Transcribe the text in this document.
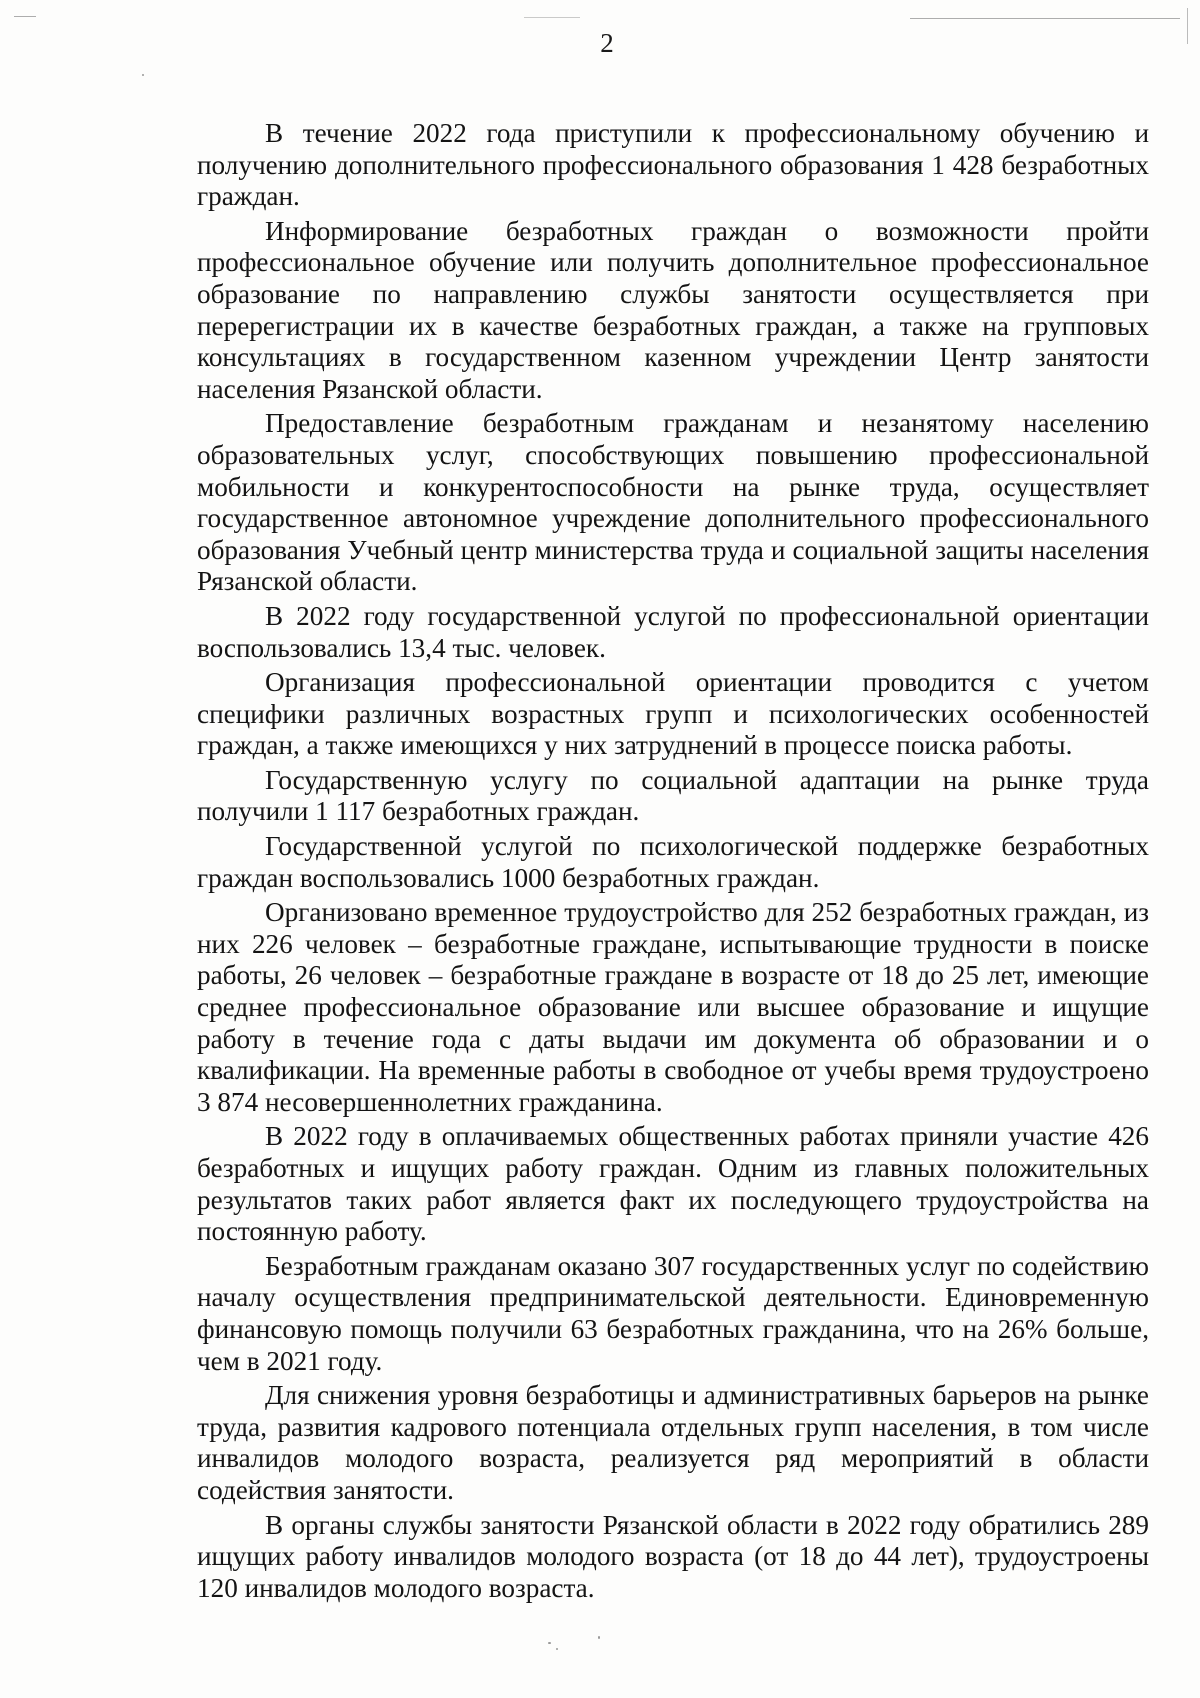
2

В течение 2022 года приступили к профессиональному обучению и получению дополнительного профессионального образования 1 428 безработных граждан.

Информирование безработных граждан о возможности пройти профессиональное обучение или получить дополнительное профессиональное образование по направлению службы занятости осуществляется при перерегистрации их в качестве безработных граждан, а также на групповых консультациях в государственном казенном учреждении Центр занятости населения Рязанской области.

Предоставление безработным гражданам и незанятому населению образовательных услуг, способствующих повышению профессиональной мобильности и конкурентоспособности на рынке труда, осуществляет государственное автономное учреждение дополнительного профессионального образования Учебный центр министерства труда и социальной защиты населения Рязанской области.

В 2022 году государственной услугой по профессиональной ориентации воспользовались 13,4 тыс. человек.

Организация профессиональной ориентации проводится с учетом специфики различных возрастных групп и психологических особенностей граждан, а также имеющихся у них затруднений в процессе поиска работы.

Государственную услугу по социальной адаптации на рынке труда получили 1 117 безработных граждан.

Государственной услугой по психологической поддержке безработных граждан воспользовались 1000 безработных граждан.

Организовано временное трудоустройство для 252 безработных граждан, из них 226 человек – безработные граждане, испытывающие трудности в поиске работы, 26 человек – безработные граждане в возрасте от 18 до 25 лет, имеющие среднее профессиональное образование или высшее образование и ищущие работу в течение года с даты выдачи им документа об образовании и о квалификации. На временные работы в свободное от учебы время трудоустроено 3 874 несовершеннолетних гражданина.

В 2022 году в оплачиваемых общественных работах приняли участие 426 безработных и ищущих работу граждан. Одним из главных положительных результатов таких работ является факт их последующего трудоустройства на постоянную работу.

Безработным гражданам оказано 307 государственных услуг по содействию началу осуществления предпринимательской деятельности. Единовременную финансовую помощь получили 63 безработных гражданина, что на 26% больше, чем в 2021 году.

Для снижения уровня безработицы и административных барьеров на рынке труда, развития кадрового потенциала отдельных групп населения, в том числе инвалидов молодого возраста, реализуется ряд мероприятий в области содействия занятости.

В органы службы занятости Рязанской области в 2022 году обратились 289 ищущих работу инвалидов молодого возраста (от 18 до 44 лет), трудоустроены 120 инвалидов молодого возраста.
